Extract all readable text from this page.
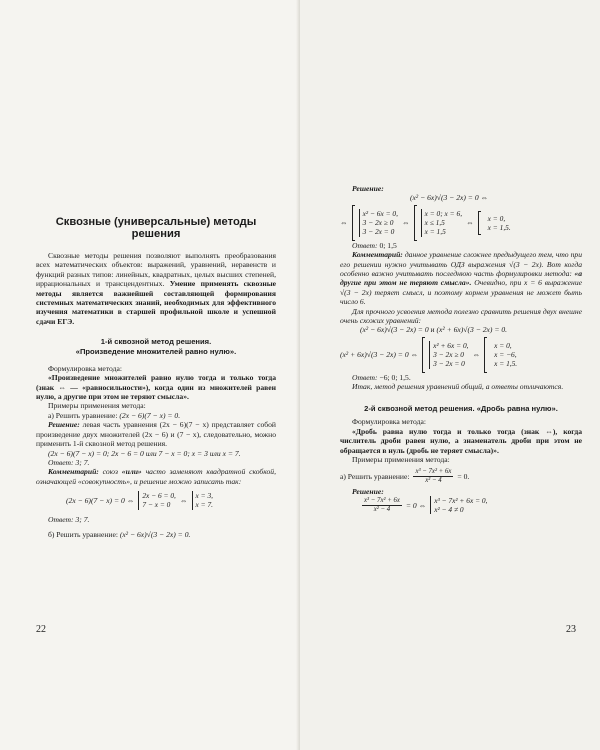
Сквозные (универсальные) методы решения

Сквозные методы решения позволяют выполнять преобразования всех математических объектов: выражений, уравнений, неравенств и функций разных типов: линейных, квадратных, целых высших степеней, иррациональных и трансцендентных. Умение применять сквозные методы является важнейшей составляющей формирования системных математических знаний, необходимых для эффективного изучения математики в старшей профильной школе и успешной сдачи ЕГЭ.

1-й сквозной метод решения.

«Произведение множителей равно нулю».

Формулировка метода:

«Произведение множителей равно нулю тогда и только тогда (знак ⇔ — «равносильности»), когда один из множителей равен нулю, а другие при этом не теряют смысла».

Примеры применения метода:

а) Решить уравнение: (2x − 6)(7 − x) = 0.

Решение: левая часть уравнения (2x − 6)(7 − x) представляет собой произведение двух множителей (2x − 6) и (7 − x), следовательно, можно применить 1-й сквозной метод решения.

(2x − 6)(7 − x) = 0; 2x − 6 = 0 или 7 − x = 0; x = 3 или x = 7.

Ответ: 3; 7.

Комментарий: союз «или» часто заменяют квадратной скобкой, означающей «совокупность», и решение можно записать так:

(2x − 6)(7 − x) = 0 ⇔
2x − 6 = 0,
7 − x = 0	⇔
x = 3,
x = 7.

Ответ: 3; 7.

б) Решить уравнение: (x² − 6x)√(3 − 2x) = 0.

22

Решение:

(x² − 6x)√(3 − 2x) = 0 ⇔

⇔
x² − 6x = 0,
3 − 2x ≥ 0
3 − 2x = 0
⇔
x = 0; x = 6,
x ≤ 1,5
x = 1,5
⇔
x = 0,
x = 1,5.

Ответ: 0; 1,5

Комментарий: данное уравнение сложнее предыдущего тем, что при его решении нужно учитывать ОДЗ выражения √(3 − 2x). Вот когда особенно важно учитывать последнюю часть формулировки метода: «а другие при этом не теряют смысла». Очевидно, при x = 6 выражение √(3 − 2x) теряет смысл, и поэтому корнем уравнения не может быть число 6.

Для прочного усвоения метода полезно сравнить решения двух внешне очень схожих уравнений:

(x² − 6x)√(3 − 2x) = 0 и (x² + 6x)√(3 − 2x) = 0.

(x² + 6x)√(3 − 2x) = 0 ⇔
x² + 6x = 0,
3 − 2x ≥ 0
3 − 2x = 0
⇔
x = 0,
x = −6,
x = 1,5.

Ответ: −6; 0; 1,5.

Итак, метод решения уравнений общий, а ответы отличаются.

2-й сквозной метод решения. «Дробь равна нулю».

Формулировка метода:

«Дробь равна нулю тогда и только тогда (знак ⇔), когда числитель дроби равен нулю, а знаменатель дроби при этом не обращается в нуль (дробь не теряет смысла)».

Примеры применения метода:

а) Решить уравнение: $\frac{\text{x³ − 7x² + 6x}}{\text{x² − 4}} = 0$.

Решение:

$\frac{\text{x³ − 7x² + 6x}}{\text{x² − 4}} = 0$ ⇔
x³ − 7x² + 6x = 0,
x² − 4 ≠ 0
23
